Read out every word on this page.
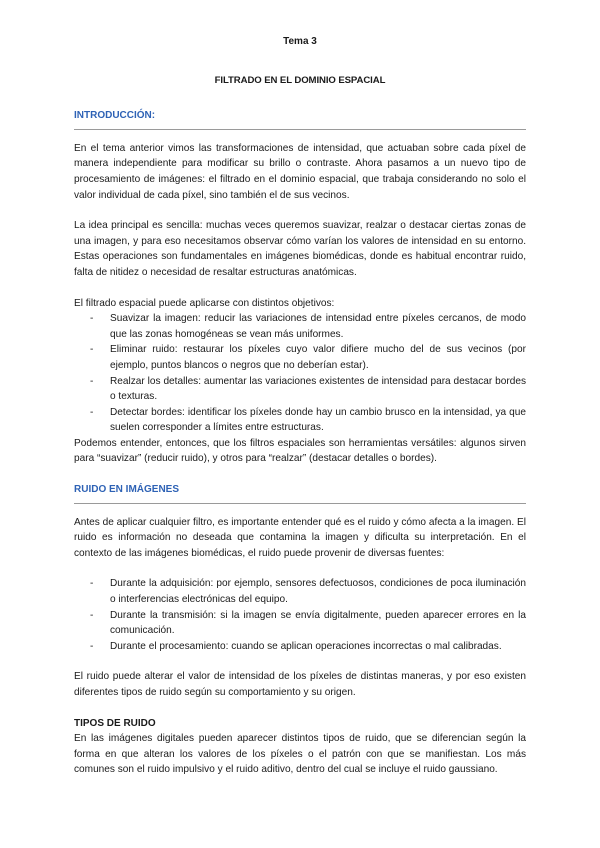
Tema 3
FILTRADO EN EL DOMINIO ESPACIAL
INTRODUCCIÓN:

En el tema anterior vimos las transformaciones de intensidad, que actuaban sobre cada píxel de manera independiente para modificar su brillo o contraste. Ahora pasamos a un nuevo tipo de procesamiento de imágenes: el filtrado en el dominio espacial, que trabaja considerando no solo el valor individual de cada píxel, sino también el de sus vecinos.

La idea principal es sencilla: muchas veces queremos suavizar, realzar o destacar ciertas zonas de una imagen, y para eso necesitamos observar cómo varían los valores de intensidad en su entorno. Estas operaciones son fundamentales en imágenes biomédicas, donde es habitual encontrar ruido, falta de nitidez o necesidad de resaltar estructuras anatómicas.

El filtrado espacial puede aplicarse con distintos objetivos:

- Suavizar la imagen: reducir las variaciones de intensidad entre píxeles cercanos, de modo que las zonas homogéneas se vean más uniformes.
- Eliminar ruido: restaurar los píxeles cuyo valor difiere mucho del de sus vecinos (por ejemplo, puntos blancos o negros que no deberían estar).
- Realzar los detalles: aumentar las variaciones existentes de intensidad para destacar bordes o texturas.
- Detectar bordes: identificar los píxeles donde hay un cambio brusco en la intensidad, ya que suelen corresponder a límites entre estructuras.

Podemos entender, entonces, que los filtros espaciales son herramientas versátiles: algunos sirven para “suavizar” (reducir ruido), y otros para “realzar” (destacar detalles o bordes).

RUIDO EN IMÁGENES

Antes de aplicar cualquier filtro, es importante entender qué es el ruido y cómo afecta a la imagen. El ruido es información no deseada que contamina la imagen y dificulta su interpretación. En el contexto de las imágenes biomédicas, el ruido puede provenir de diversas fuentes:

- Durante la adquisición: por ejemplo, sensores defectuosos, condiciones de poca iluminación o interferencias electrónicas del equipo.
- Durante la transmisión: si la imagen se envía digitalmente, pueden aparecer errores en la comunicación.
- Durante el procesamiento: cuando se aplican operaciones incorrectas o mal calibradas.

El ruido puede alterar el valor de intensidad de los píxeles de distintas maneras, y por eso existen diferentes tipos de ruido según su comportamiento y su origen.

TIPOS DE RUIDO

En las imágenes digitales pueden aparecer distintos tipos de ruido, que se diferencian según la forma en que alteran los valores de los píxeles o el patrón con que se manifiestan. Los más comunes son el ruido impulsivo y el ruido aditivo, dentro del cual se incluye el ruido gaussiano.
